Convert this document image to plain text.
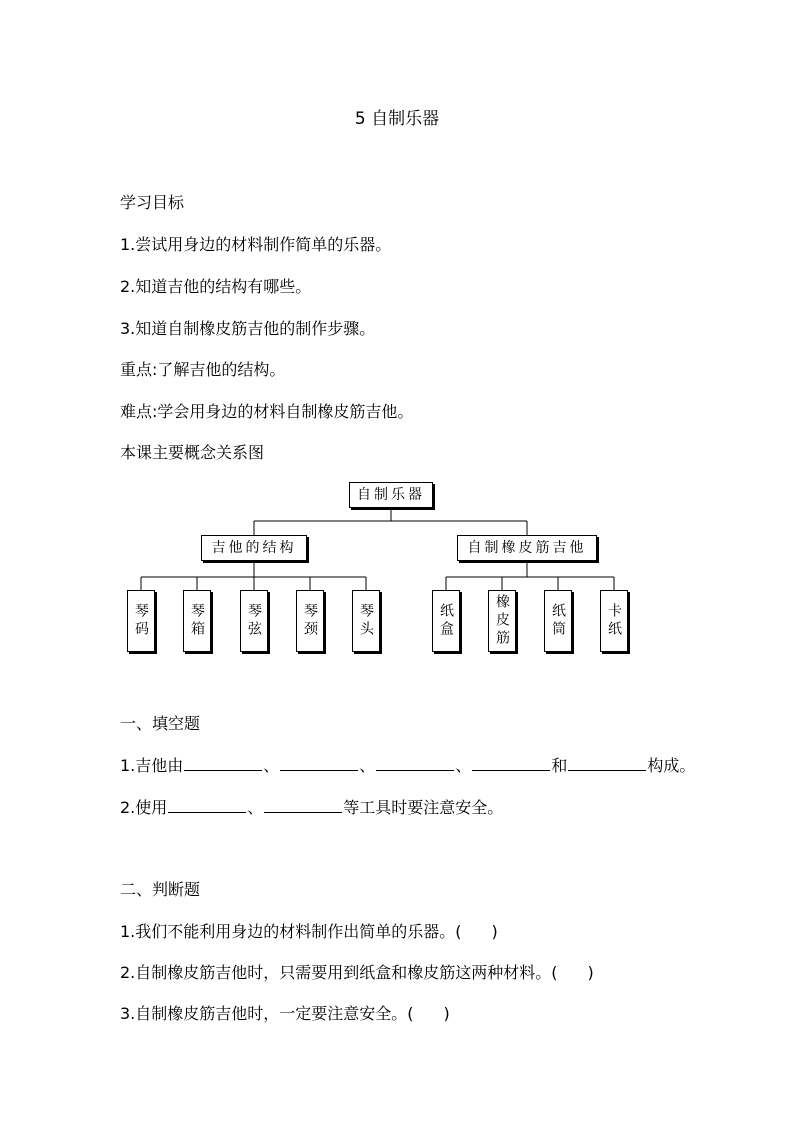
5 自制乐器
学习目标
1.尝试用身边的材料制作简单的乐器。
2.知道吉他的结构有哪些。
3.知道自制橡皮筋吉他的制作步骤。
重点:了解吉他的结构。
难点:学会用身边的材料自制橡皮筋吉他。
本课主要概念关系图
自制乐器
吉他的结构	自制橡皮筋吉他
琴码	琴箱	琴弦	琴颈	琴头	纸盒	橡皮筋	纸筒	卡纸
一、填空题
1.吉他由	、	、	、	和	构成。
2.使用	、	等工具时要注意安全。
二、判断题
1.我们不能利用身边的材料制作出简单的乐器。( )
2.自制橡皮筋吉他时，只需要用到纸盒和橡皮筋这两种材料。( )
3.自制橡皮筋吉他时，一定要注意安全。( )
